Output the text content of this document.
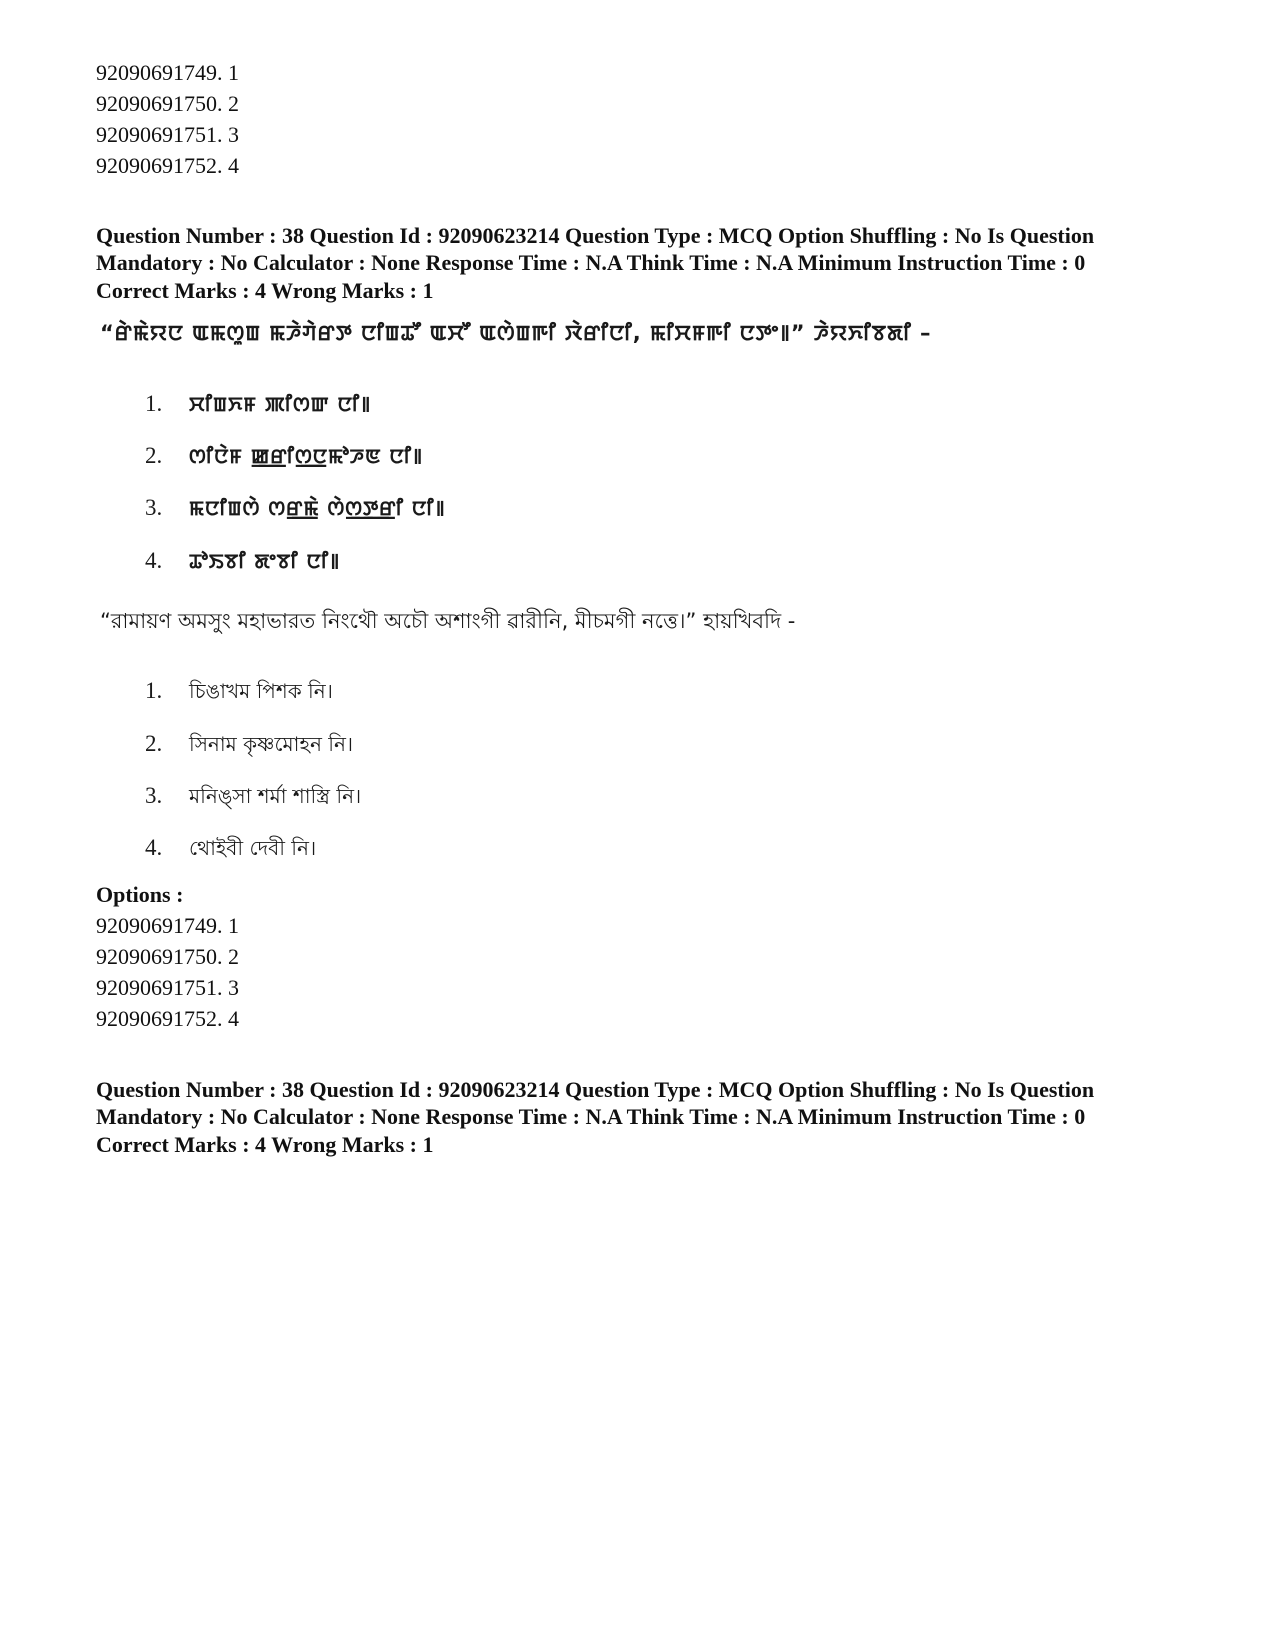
92090691749. 1
92090691750. 2
92090691751. 3
92090691752. 4
Question Number : 38 Question Id : 92090623214 Question Type : MCQ Option Shuffling : No Is Question Mandatory : No Calculator : None Response Time : N.A Think Time : N.A Minimum Instruction Time : 0
Correct Marks : 4 Wrong Marks : 1
“ꯔꯥꯃꯥꯌꯅ ꯑꯃꯁꯨꯡ ꯃꯍꯥꯚꯥꯔꯇ ꯅꯤꯡꯊꯧ ꯑꯆꯧ ꯑꯁꯥꯡꯒꯤ ꯋꯥꯔꯤꯅꯤ, ꯃꯤꯆꯝꯒꯤ ꯅꯇꯦ꯫” ꯍꯥꯌꯈꯤꯕꯗꯤ –
1. ꯆꯤꯡꯈꯝ ꯄꯤꯁꯛ ꯅꯤ꯫
2. ꯁꯤꯅꯥꯝ ꯀ꯭ꯔꯤꯁ꯭ꯅꯃꯣꯍꯟ ꯅꯤ꯫
3. ꯃꯅꯤꯡꯁꯥ ꯁꯔ꯭ꯃꯥ ꯁꯥꯁ꯭ꯇ꯭ꯔꯤ ꯅꯤ꯫
4. ꯊꯣꯏꯕꯤ ꯗꯦꯕꯤ ꯅꯤ꯫
“রামায়ণ অমসুং মহাভারত নিংথৌ অচৌ অশাংগী ৱারীনি, মীচমগী নত্তে।” হায়খিবদি -
1. চিঙাখম পিশক নি।
2. সিনাম কৃষ্ণমোহন নি।
3. মনিঙ্সা শর্মা শাস্ত্রি নি।
4. থোইবী দেবী নি।
Options :
92090691749. 1
92090691750. 2
92090691751. 3
92090691752. 4
Question Number : 38 Question Id : 92090623214 Question Type : MCQ Option Shuffling : No Is Question Mandatory : No Calculator : None Response Time : N.A Think Time : N.A Minimum Instruction Time : 0
Correct Marks : 4 Wrong Marks : 1
